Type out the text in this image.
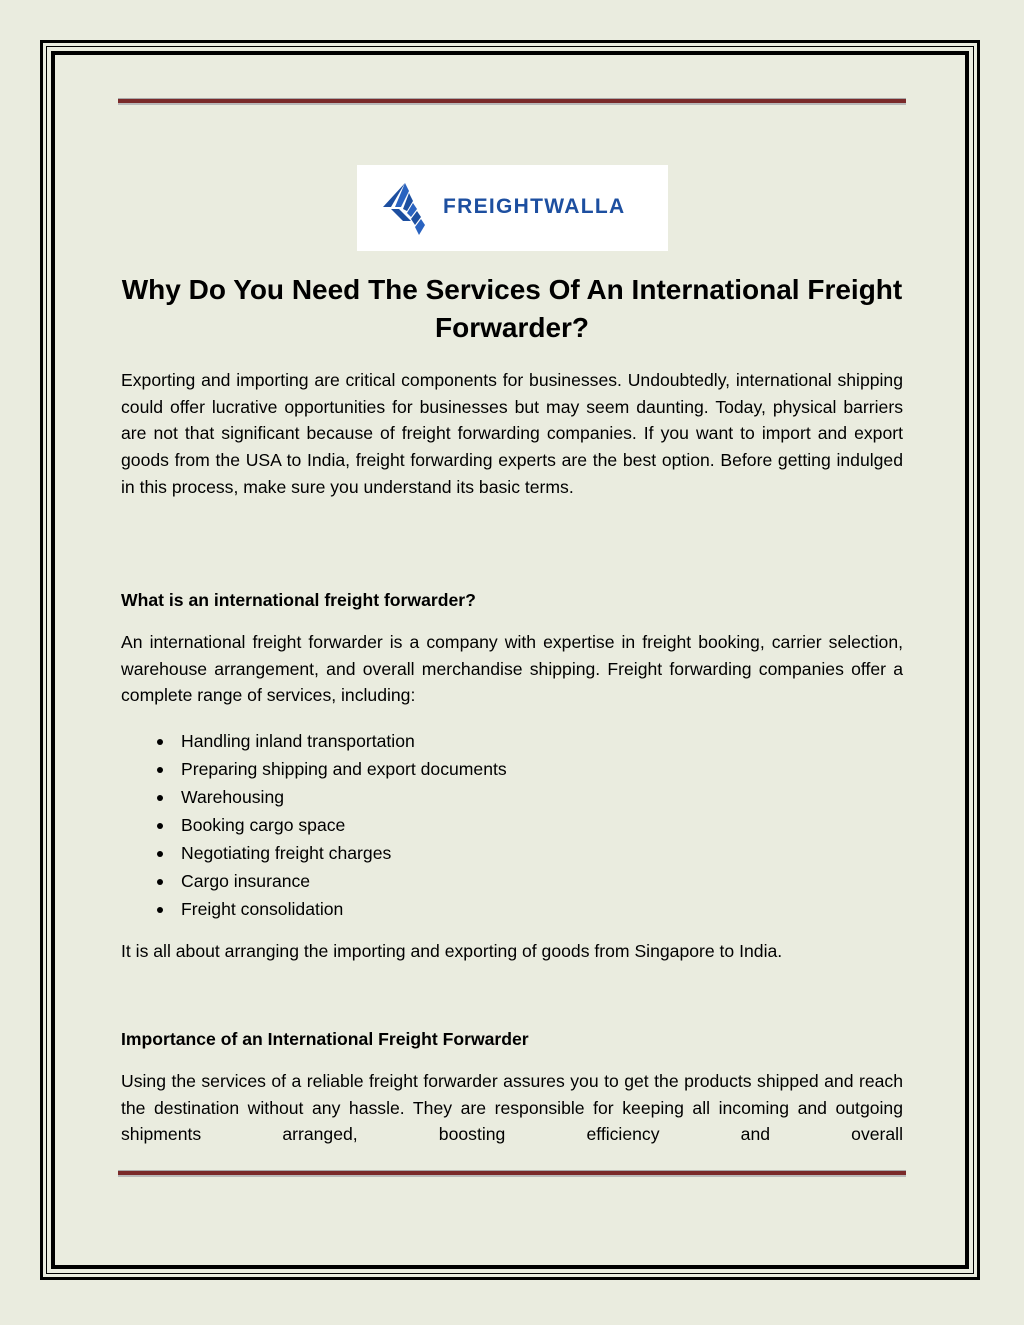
FREIGHTWALLA
Why Do You Need The Services Of An International Freight Forwarder?

Exporting and importing are critical components for businesses. Undoubtedly, international shipping could offer lucrative opportunities for businesses but may seem daunting. Today, physical barriers are not that significant because of freight forwarding companies. If you want to import and export goods from the USA to India, freight forwarding experts are the best option. Before getting indulged in this process, make sure you understand its basic terms.

What is an international freight forwarder?

An international freight forwarder is a company with expertise in freight booking, carrier selection, warehouse arrangement, and overall merchandise shipping. Freight forwarding companies offer a complete range of services, including:

Handling inland transportation
Preparing shipping and export documents
Warehousing
Booking cargo space
Negotiating freight charges
Cargo insurance
Freight consolidation

It is all about arranging the importing and exporting of goods from Singapore to India.

Importance of an International Freight Forwarder

Using the services of a reliable freight forwarder assures you to get the products shipped and reach the destination without any hassle. They are responsible for keeping all incoming and outgoing shipments arranged, boosting efficiency and overall
